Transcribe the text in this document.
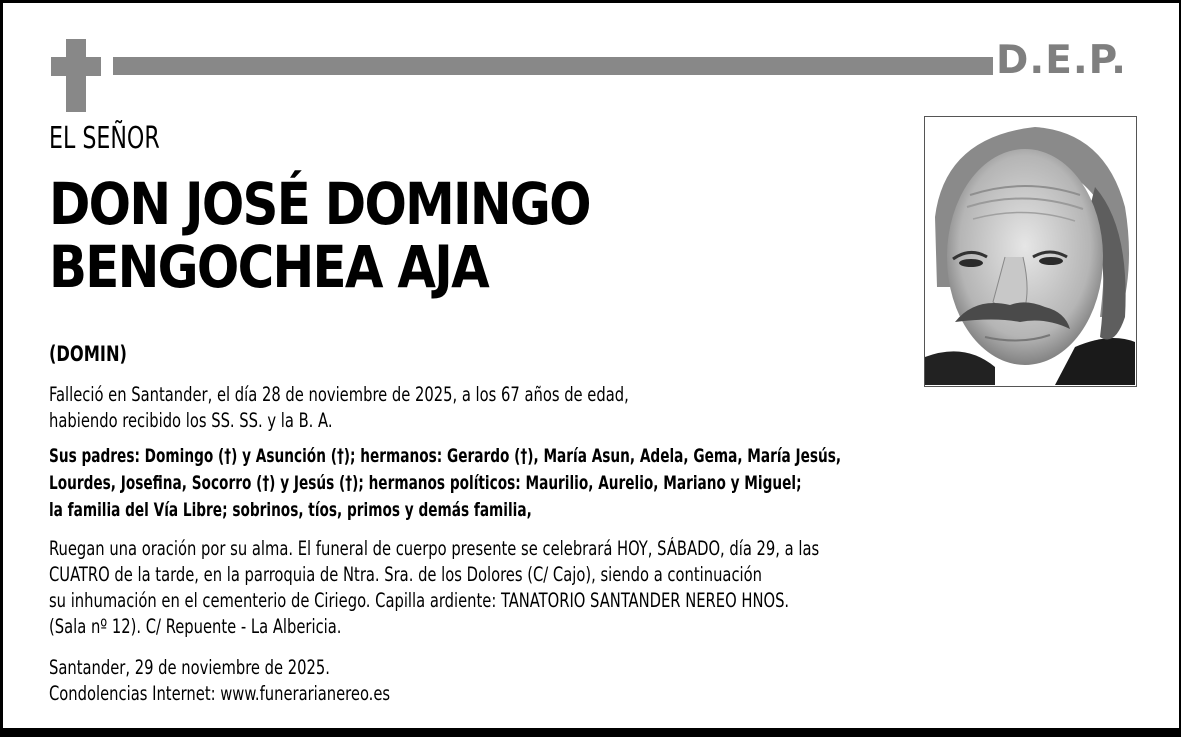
D.E.P.
EL SEÑOR
DON JOSÉ DOMINGO
BENGOCHEA AJA
(DOMIN)
Falleció en Santander, el día 28 de noviembre de 2025, a los 67 años de edad,
habiendo recibido los SS. SS. y la B. A.
Sus padres: Domingo (†) y Asunción (†); hermanos: Gerardo (†), María Asun, Adela, Gema, María Jesús,
Lourdes, Josefina, Socorro (†) y Jesús (†); hermanos políticos: Maurilio, Aurelio, Mariano y Miguel;
la familia del Vía Libre; sobrinos, tíos, primos y demás familia,
Ruegan una oración por su alma. El funeral de cuerpo presente se celebrará HOY, SÁBADO, día 29, a las
CUATRO de la tarde, en la parroquia de Ntra. Sra. de los Dolores (C/ Cajo), siendo a continuación
su inhumación en el cementerio de Ciriego. Capilla ardiente: TANATORIO SANTANDER NEREO HNOS.
(Sala nº 12). C/ Repuente - La Albericia.
Santander, 29 de noviembre de 2025.
Condolencias Internet: www.funerarianereo.es
